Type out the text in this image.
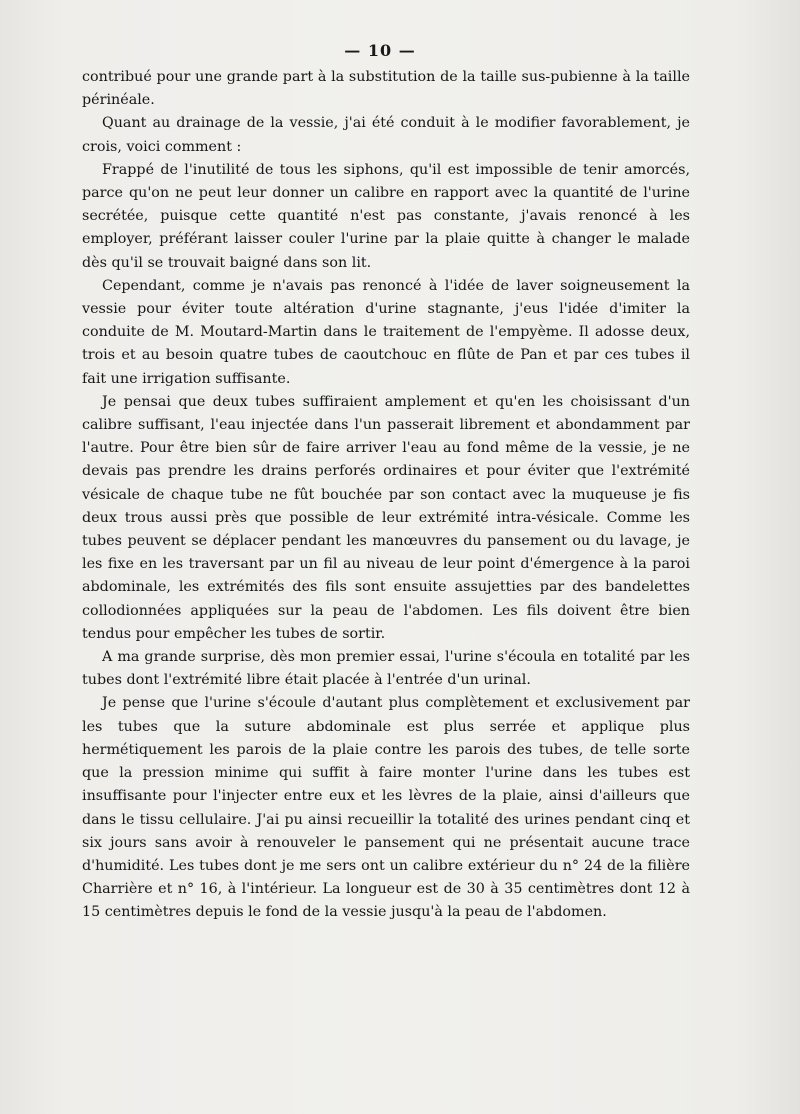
— 10 —

contribué pour une grande part à la substitution de la taille sus-pubienne à la taille périnéale.

Quant au drainage de la vessie, j'ai été conduit à le modifier favorablement, je crois, voici comment :

Frappé de l'inutilité de tous les siphons, qu'il est impossible de tenir amorcés, parce qu'on ne peut leur donner un calibre en rapport avec la quantité de l'urine secrétée, puisque cette quantité n'est pas constante, j'avais renoncé à les employer, préférant laisser couler l'urine par la plaie quitte à changer le malade dès qu'il se trouvait baigné dans son lit.

Cependant, comme je n'avais pas renoncé à l'idée de laver soigneusement la vessie pour éviter toute altération d'urine stagnante, j'eus l'idée d'imiter la conduite de M. Moutard-Martin dans le traitement de l'empyème. Il adosse deux, trois et au besoin quatre tubes de caoutchouc en flûte de Pan et par ces tubes il fait une irrigation suffisante.

Je pensai que deux tubes suffiraient amplement et qu'en les choisissant d'un calibre suffisant, l'eau injectée dans l'un passerait librement et abondamment par l'autre. Pour être bien sûr de faire arriver l'eau au fond même de la vessie, je ne devais pas prendre les drains perforés ordinaires et pour éviter que l'extrémité vésicale de chaque tube ne fût bouchée par son contact avec la muqueuse je fis deux trous aussi près que possible de leur extrémité intra-vésicale. Comme les tubes peuvent se déplacer pendant les manœuvres du pansement ou du lavage, je les fixe en les traversant par un fil au niveau de leur point d'émergence à la paroi abdominale, les extrémités des fils sont ensuite assujetties par des bandelettes collodionnées appliquées sur la peau de l'abdomen. Les fils doivent être bien tendus pour empêcher les tubes de sortir.

A ma grande surprise, dès mon premier essai, l'urine s'écoula en totalité par les tubes dont l'extrémité libre était placée à l'entrée d'un urinal.

Je pense que l'urine s'écoule d'autant plus complètement et exclusivement par les tubes que la suture abdominale est plus serrée et applique plus hermétiquement les parois de la plaie contre les parois des tubes, de telle sorte que la pression minime qui suffit à faire monter l'urine dans les tubes est insuffisante pour l'injecter entre eux et les lèvres de la plaie, ainsi d'ailleurs que dans le tissu cellulaire. J'ai pu ainsi recueillir la totalité des urines pendant cinq et six jours sans avoir à renouveler le pansement qui ne présentait aucune trace d'humidité. Les tubes dont je me sers ont un calibre extérieur du n° 24 de la filière Charrière et n° 16, à l'intérieur. La longueur est de 30 à 35 centimètres dont 12 à 15 centimètres depuis le fond de la vessie jusqu'à la peau de l'abdomen.
